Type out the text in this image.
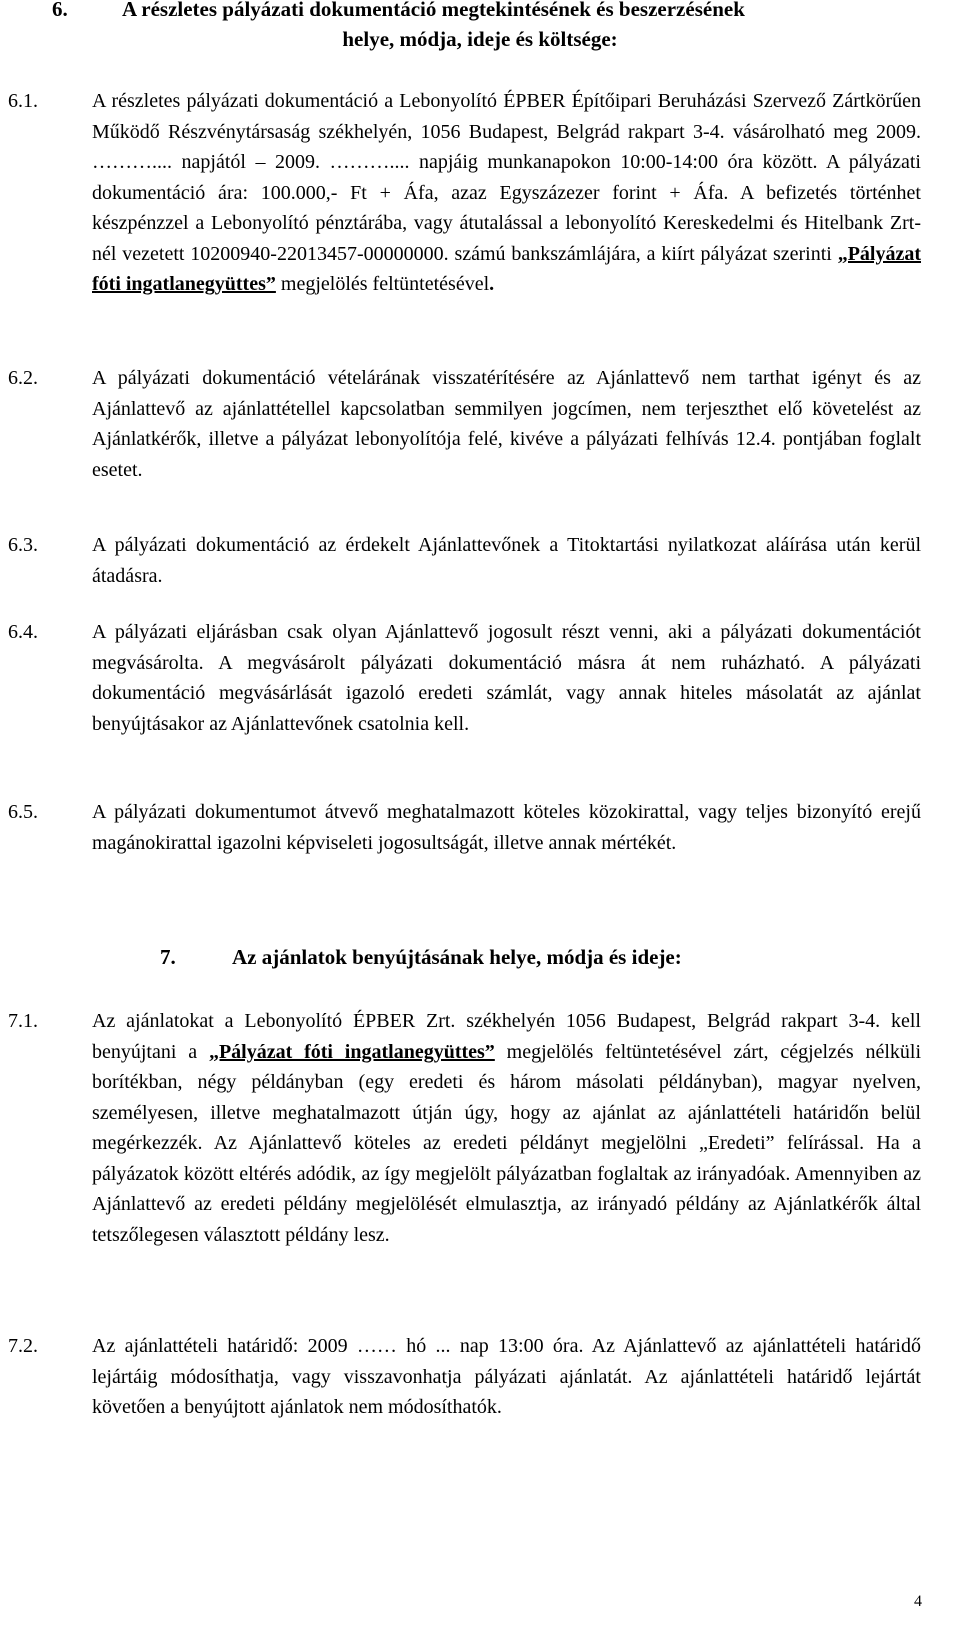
6.	A részletes pályázati dokumentáció megtekintésének és beszerzésének
helye, módja, ideje és költsége:
6.1.	A részletes pályázati dokumentáció a Lebonyolító ÉPBER Építőipari Beruházási Szervező Zártkörűen Működő Részvénytársaság székhelyén, 1056 Budapest, Belgrád rakpart 3-4. vásárolható meg 2009. ……….... napjától – 2009. ……….... napjáig munkanapokon 10:00-14:00 óra között. A pályázati dokumentáció ára: 100.000,- Ft + Áfa, azaz Egyszázezer forint + Áfa. A befizetés történhet készpénzzel a Lebonyolító pénztárába, vagy átutalással a lebonyolító Kereskedelmi és Hitelbank Zrt-nél vezetett 10200940-22013457-00000000. számú bankszámlájára, a kiírt pályázat szerinti „Pályázat fóti ingatlanegyüttes” megjelölés feltüntetésével.
6.2.	A pályázati dokumentáció vételárának visszatérítésére az Ajánlattevő nem tarthat igényt és az Ajánlattevő az ajánlattétellel kapcsolatban semmilyen jogcímen, nem terjeszthet elő követelést az Ajánlatkérők, illetve a pályázat lebonyolítója felé, kivéve a pályázati felhívás 12.4. pontjában foglalt esetet.
6.3.	A pályázati dokumentáció az érdekelt Ajánlattevőnek a Titoktartási nyilatkozat aláírása után kerül átadásra.
6.4.	A pályázati eljárásban csak olyan Ajánlattevő jogosult részt venni, aki a pályázati dokumentációt megvásárolta. A megvásárolt pályázati dokumentáció másra át nem ruházható. A pályázati dokumentáció megvásárlását igazoló eredeti számlát, vagy annak hiteles másolatát az ajánlat benyújtásakor az Ajánlattevőnek csatolnia kell.
6.5.	A pályázati dokumentumot átvevő meghatalmazott köteles közokirattal, vagy teljes bizonyító erejű magánokirattal igazolni képviseleti jogosultságát, illetve annak mértékét.
7.	Az ajánlatok benyújtásának helye, módja és ideje:
7.1.	Az ajánlatokat a Lebonyolító ÉPBER Zrt. székhelyén 1056 Budapest, Belgrád rakpart 3-4. kell benyújtani a „Pályázat fóti ingatlanegyüttes” megjelölés feltüntetésével zárt, cégjelzés nélküli borítékban, négy példányban (egy eredeti és három másolati példányban), magyar nyelven, személyesen, illetve meghatalmazott útján úgy, hogy az ajánlat az ajánlattételi határidőn belül megérkezzék. Az Ajánlattevő köteles az eredeti példányt megjelölni „Eredeti” felírással. Ha a pályázatok között eltérés adódik, az így megjelölt pályázatban foglaltak az irányadóak. Amennyiben az Ajánlattevő az eredeti példány megjelölését elmulasztja, az irányadó példány az Ajánlatkérők által tetszőlegesen választott példány lesz.
7.2.	Az ajánlattételi határidő: 2009 …… hó ... nap 13:00 óra. Az Ajánlattevő az ajánlattételi határidő lejártáig módosíthatja, vagy visszavonhatja pályázati ajánlatát. Az ajánlattételi határidő lejártát követően a benyújtott ajánlatok nem módosíthatók.
4
